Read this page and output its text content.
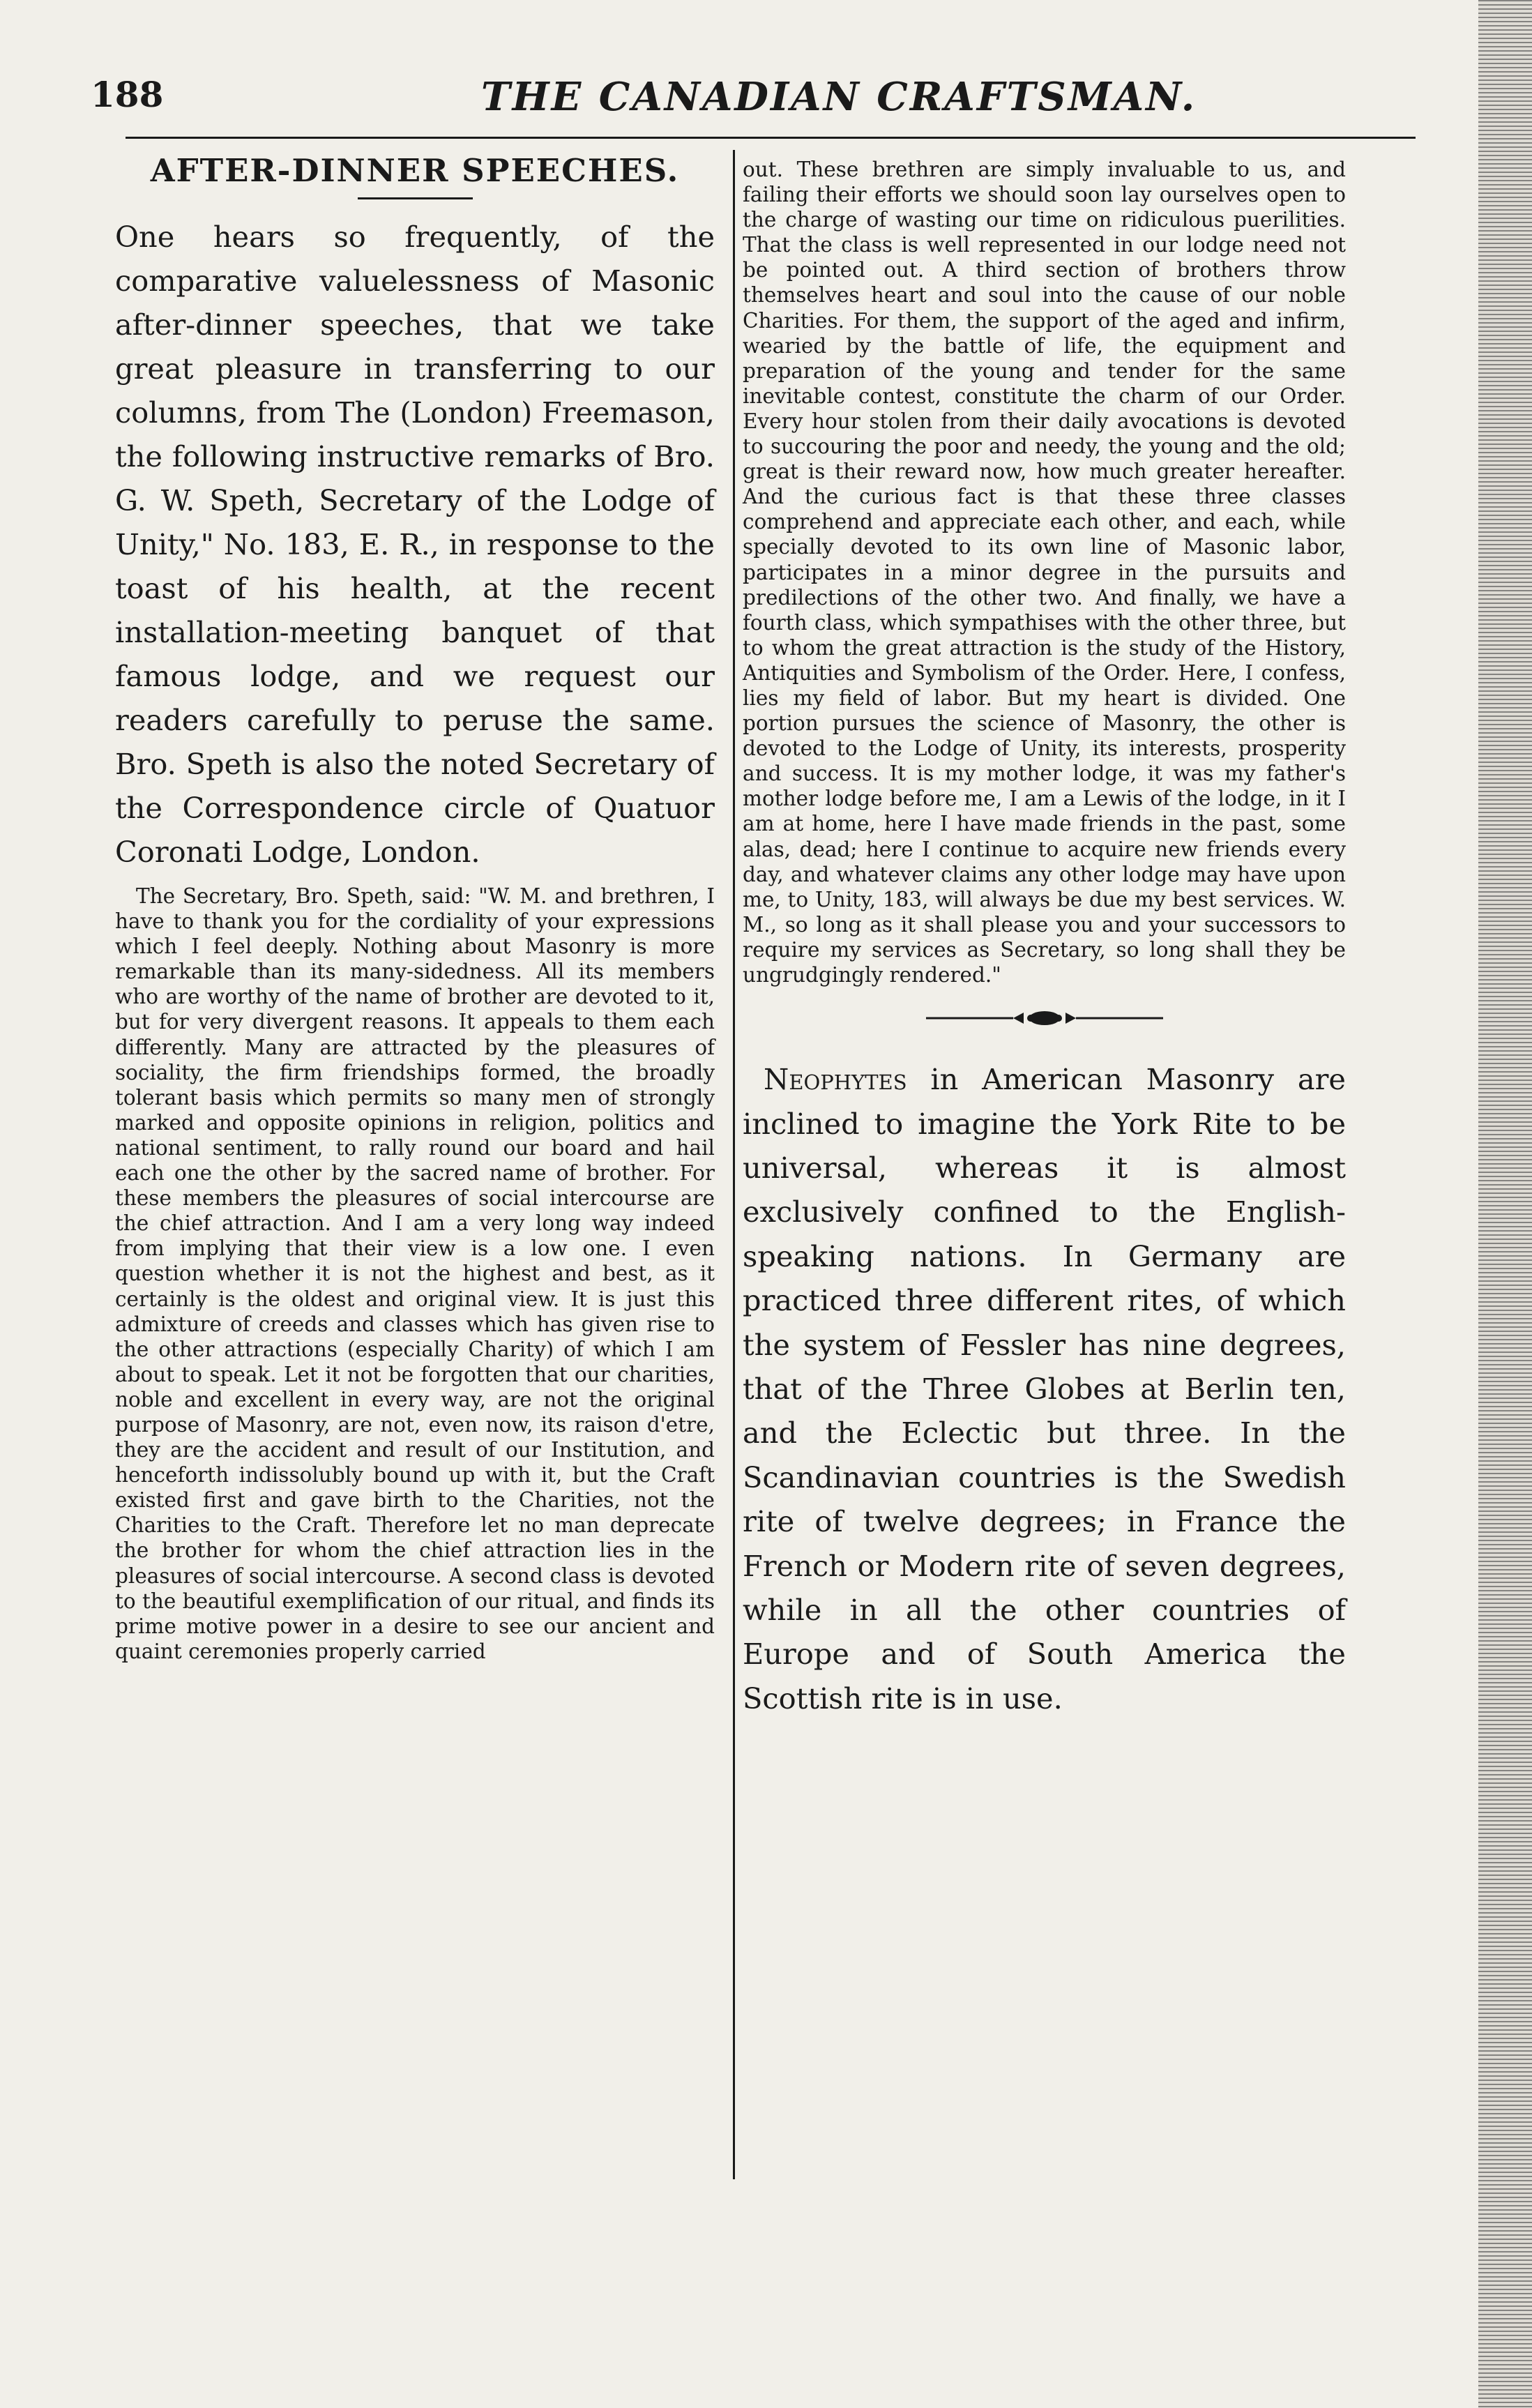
188	THE CANADIAN CRAFTSMAN.
AFTER-DINNER SPEECHES.

One hears so frequently, of the comparative valuelessness of Masonic after-dinner speeches, that we take great pleasure in transferring to our columns, from The (London) Freemason, the following instructive remarks of Bro. G. W. Speth, Secretary of the Lodge of Unity," No. 183, E. R., in response to the toast of his health, at the recent installation-meeting banquet of that famous lodge, and we request our readers carefully to peruse the same. Bro. Speth is also the noted Secretary of the Correspondence circle of Quatuor Coronati Lodge, London.

The Secretary, Bro. Speth, said: "W. M. and brethren, I have to thank you for the cordiality of your expressions which I feel deeply. Nothing about Masonry is more remarkable than its many-sidedness. All its members who are worthy of the name of brother are devoted to it, but for very divergent reasons. It appeals to them each differently. Many are attracted by the pleasures of sociality, the firm friendships formed, the broadly tolerant basis which permits so many men of strongly marked and opposite opinions in religion, politics and national sentiment, to rally round our board and hail each one the other by the sacred name of brother. For these members the pleasures of social intercourse are the chief attraction. And I am a very long way indeed from implying that their view is a low one. I even question whether it is not the highest and best, as it certainly is the oldest and original view. It is just this admixture of creeds and classes which has given rise to the other attractions (especially Charity) of which I am about to speak. Let it not be forgotten that our charities, noble and excellent in every way, are not the original purpose of Masonry, are not, even now, its raison d'etre, they are the accident and result of our Institution, and henceforth indissolubly bound up with it, but the Craft existed first and gave birth to the Charities, not the Charities to the Craft. Therefore let no man deprecate the brother for whom the chief attraction lies in the pleasures of social intercourse. A second class is devoted to the beautiful exemplification of our ritual, and finds its prime motive power in a desire to see our ancient and quaint ceremonies properly carried

out. These brethren are simply invaluable to us, and failing their efforts we should soon lay ourselves open to the charge of wasting our time on ridiculous puerilities. That the class is well represented in our lodge need not be pointed out. A third section of brothers throw themselves heart and soul into the cause of our noble Charities. For them, the support of the aged and infirm, wearied by the battle of life, the equipment and preparation of the young and tender for the same inevitable contest, constitute the charm of our Order. Every hour stolen from their daily avocations is devoted to succouring the poor and needy, the young and the old; great is their reward now, how much greater hereafter. And the curious fact is that these three classes comprehend and appreciate each other, and each, while specially devoted to its own line of Masonic labor, participates in a minor degree in the pursuits and predilections of the other two. And finally, we have a fourth class, which sympathises with the other three, but to whom the great attraction is the study of the History, Antiquities and Symbolism of the Order. Here, I confess, lies my field of labor. But my heart is divided. One portion pursues the science of Masonry, the other is devoted to the Lodge of Unity, its interests, prosperity and success. It is my mother lodge, it was my father's mother lodge before me, I am a Lewis of the lodge, in it I am at home, here I have made friends in the past, some alas, dead; here I continue to acquire new friends every day, and whatever claims any other lodge may have upon me, to Unity, 183, will always be due my best services. W. M., so long as it shall please you and your successors to require my services as Secretary, so long shall they be ungrudgingly rendered."

Neophytes in American Masonry are inclined to imagine the York Rite to be universal, whereas it is almost exclusively confined to the English-speaking nations. In Germany are practiced three different rites, of which the system of Fessler has nine degrees, that of the Three Globes at Berlin ten, and the Eclectic but three. In the Scandinavian countries is the Swedish rite of twelve degrees; in France the French or Modern rite of seven degrees, while in all the other countries of Europe and of South America the Scottish rite is in use.
